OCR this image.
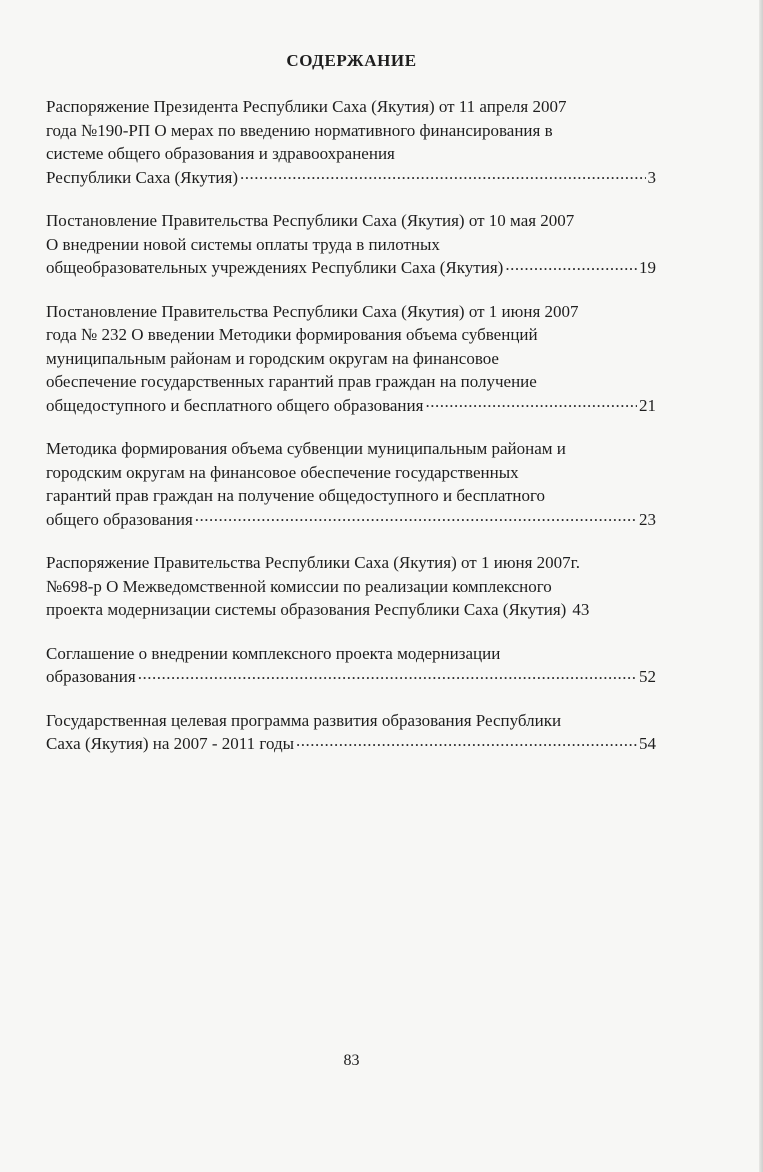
СОДЕРЖАНИЕ
Распоряжение Президента Республики Саха (Якутия) от 11 апреля 2007
года №190-РП О мерах по введению нормативного финансирования в
системе общего образования и здравоохранения
Республики Саха (Якутия) .....	3
Постановление Правительства Республики Саха (Якутия) от 10 мая 2007
О внедрении новой системы оплаты труда в пилотных
общеобразовательных учреждениях Республики Саха (Якутия) .....	19
Постановление Правительства Республики Саха (Якутия) от 1 июня 2007
года № 232 О введении Методики формирования объема субвенций
муниципальным районам и городским округам на финансовое
обеспечение государственных гарантий прав граждан на получение
общедоступного и бесплатного общего образования .....	21
Методика формирования объема субвенции муниципальным районам и
городским округам на финансовое обеспечение государственных
гарантий прав граждан на получение общедоступного и бесплатного
общего образования .....	23
Распоряжение Правительства Республики Саха (Якутия) от 1 июня 2007г.
№698-р О Межведомственной комиссии по реализации комплексного
проекта модернизации системы образования Республики Саха (Якутия) 43
Соглашение о внедрении комплексного проекта модернизации
образования .....	52
Государственная целевая программа развития образования Республики
Саха (Якутия) на 2007 - 2011 годы .....	54
83
